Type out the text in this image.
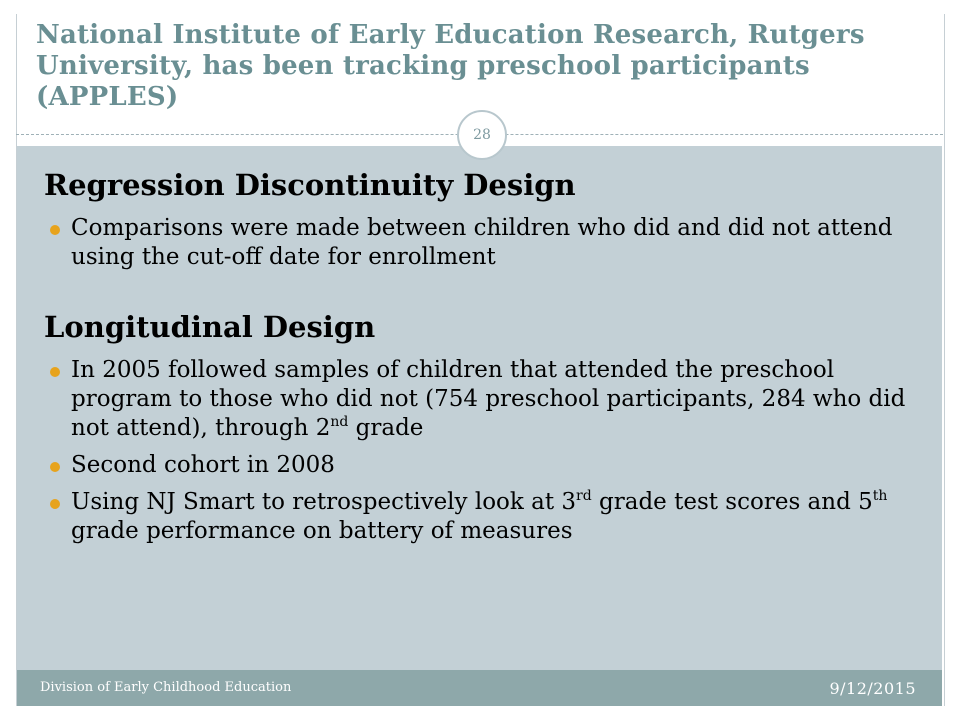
National Institute of Early Education Research, Rutgers University, has been tracking preschool participants (APPLES)
28
Regression Discontinuity Design
Comparisons were made between children who did and did not attend using the cut-off date for enrollment
Longitudinal Design
In 2005 followed samples of children that attended the preschool program to those who did not (754 preschool participants, 284 who did not attend), through 2nd grade
Second cohort in 2008
Using NJ Smart to retrospectively look at 3rd grade test scores and 5th grade performance on battery of measures
Division of Early Childhood Education	9/12/2015
